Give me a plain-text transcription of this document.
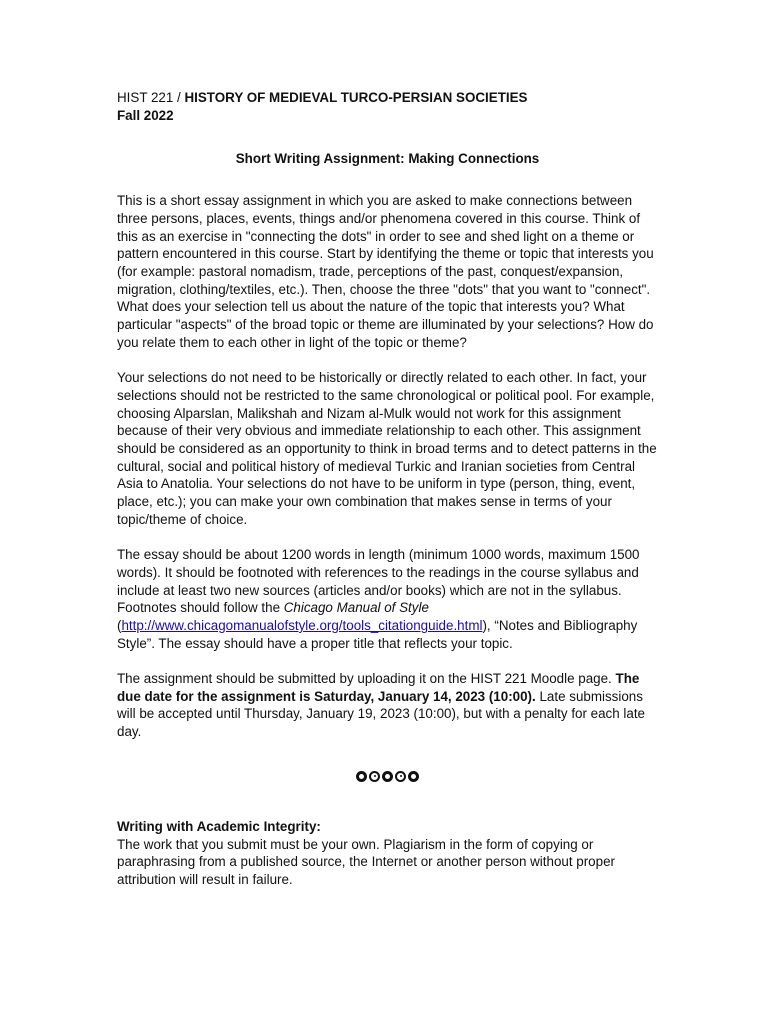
HIST 221 / HISTORY OF MEDIEVAL TURCO-PERSIAN SOCIETIES
Fall 2022
Short Writing Assignment: Making Connections

This is a short essay assignment in which you are asked to make connections between three persons, places, events, things and/or phenomena covered in this course. Think of this as an exercise in "connecting the dots" in order to see and shed light on a theme or pattern encountered in this course. Start by identifying the theme or topic that interests you (for example: pastoral nomadism, trade, perceptions of the past, conquest/expansion, migration, clothing/textiles, etc.). Then, choose the three "dots" that you want to "connect". What does your selection tell us about the nature of the topic that interests you? What particular "aspects" of the broad topic or theme are illuminated by your selections? How do you relate them to each other in light of the topic or theme?

Your selections do not need to be historically or directly related to each other. In fact, your selections should not be restricted to the same chronological or political pool. For example, choosing Alparslan, Malikshah and Nizam al-Mulk would not work for this assignment because of their very obvious and immediate relationship to each other. This assignment should be considered as an opportunity to think in broad terms and to detect patterns in the cultural, social and political history of medieval Turkic and Iranian societies from Central Asia to Anatolia. Your selections do not have to be uniform in type (person, thing, event, place, etc.); you can make your own combination that makes sense in terms of your topic/theme of choice.

The essay should be about 1200 words in length (minimum 1000 words, maximum 1500 words). It should be footnoted with references to the readings in the course syllabus and include at least two new sources (articles and/or books) which are not in the syllabus. Footnotes should follow the Chicago Manual of Style (http://www.chicagomanualofstyle.org/tools_citationguide.html), “Notes and Bibliography Style”. The essay should have a proper title that reflects your topic.

The assignment should be submitted by uploading it on the HIST 221 Moodle page. The due date for the assignment is Saturday, January 14, 2023 (10:00). Late submissions will be accepted until Thursday, January 19, 2023 (10:00), but with a penalty for each late day.

Writing with Academic Integrity:

The work that you submit must be your own. Plagiarism in the form of copying or paraphrasing from a published source, the Internet or another person without proper attribution will result in failure.
